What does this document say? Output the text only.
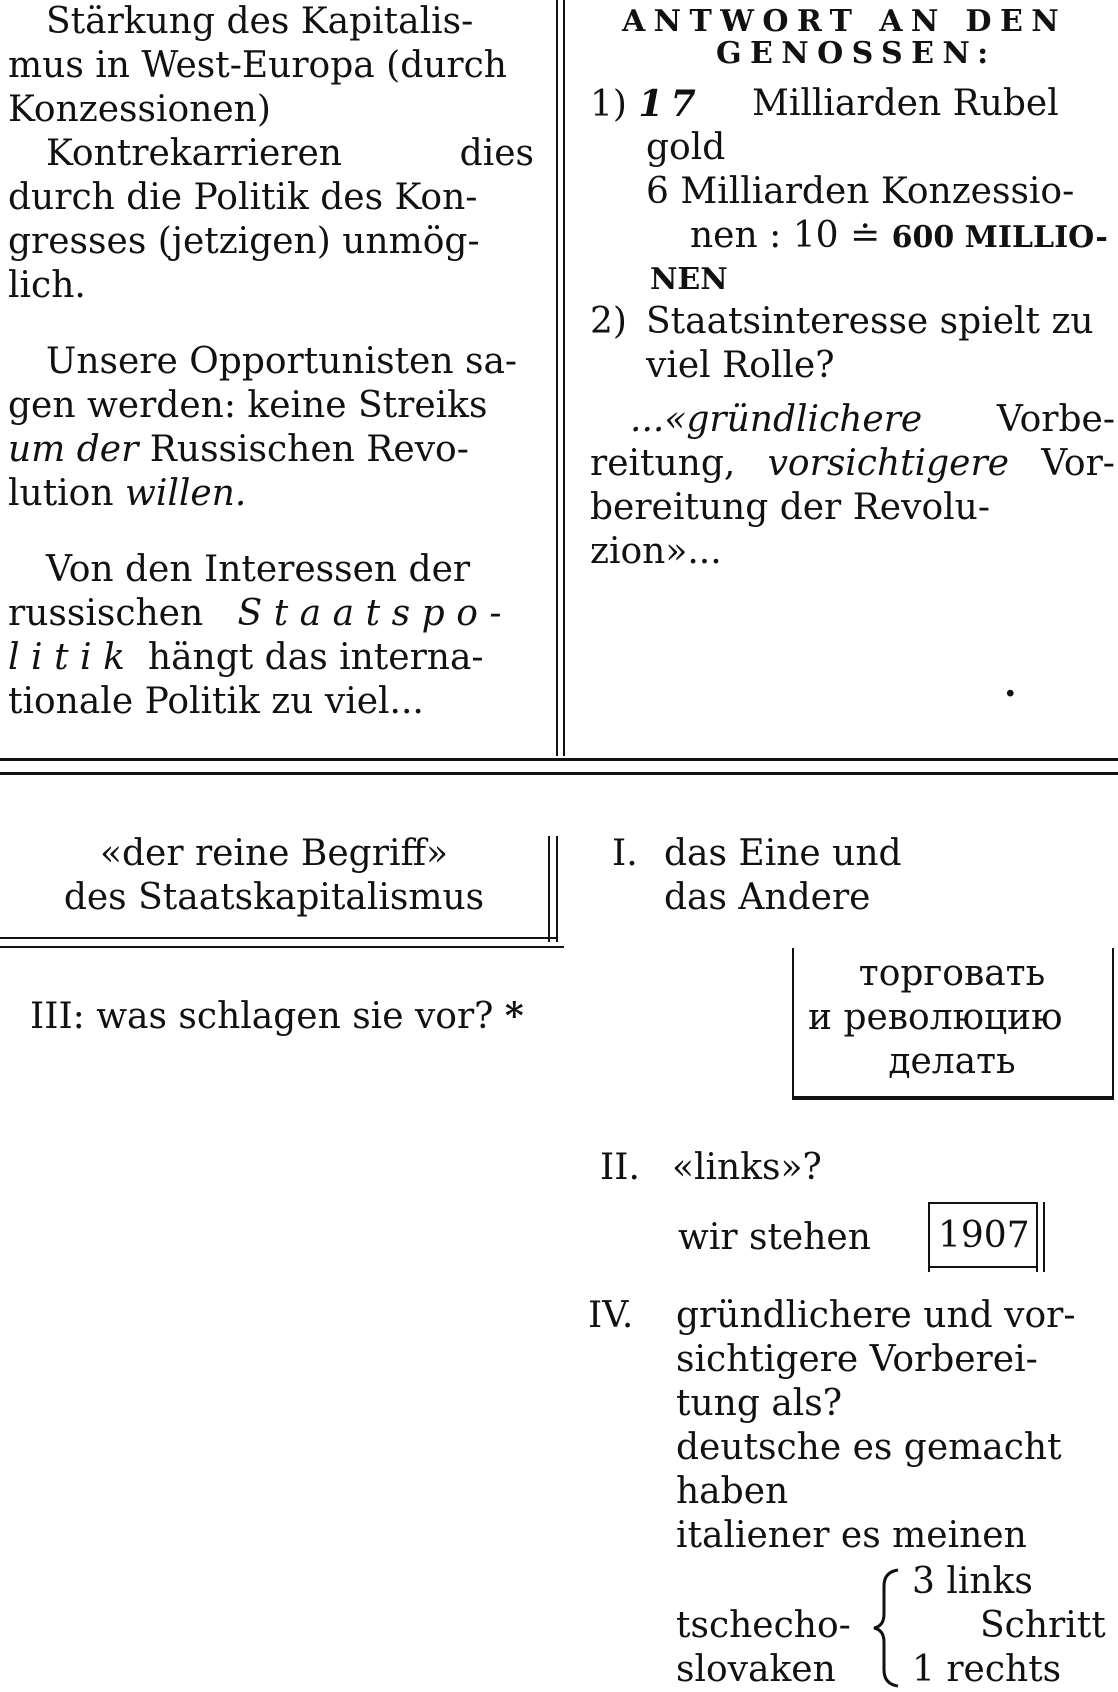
Stärkung des Kapitalis-
mus in West-Europa (durch
Konzessionen)
Kontrekarrieren	dies
durch die Politik des Kon-
gresses (jetzigen) unmög-
lich.
Unsere Opportunisten sa-
gen werden: keine Streiks
um der Russischen Revo-
lution willen.
Von den Interessen der
russischen Staatspo-
litik hängt das interna-
tionale Politik zu viel...
ANTWORT AN DEN
GENOSSEN:
1) 17 Milliarden Rubel
gold
6 Milliarden Konzessio-
nen : 10 ≐ 600 MILLIO-
NEN
2) Staatsinteresse spielt zu
viel Rolle?
...«gründlichere Vorbe-
reitung, vorsichtigere Vor-
bereitung der Revolu-
zion»...
.
«der reine Begriff»
des Staatskapitalismus
III: was schlagen sie vor? *
I. das Eine und
das Andere
торговать
и революцию
делать
II. «links»?
wir stehen 1907
IV. gründlichere und vor-
sichtigere Vorberei-
tung als?
deutsche es gemacht
haben
italiener es meinen
tschecho-
slovaken
3 links
Schritt
1 rechts
